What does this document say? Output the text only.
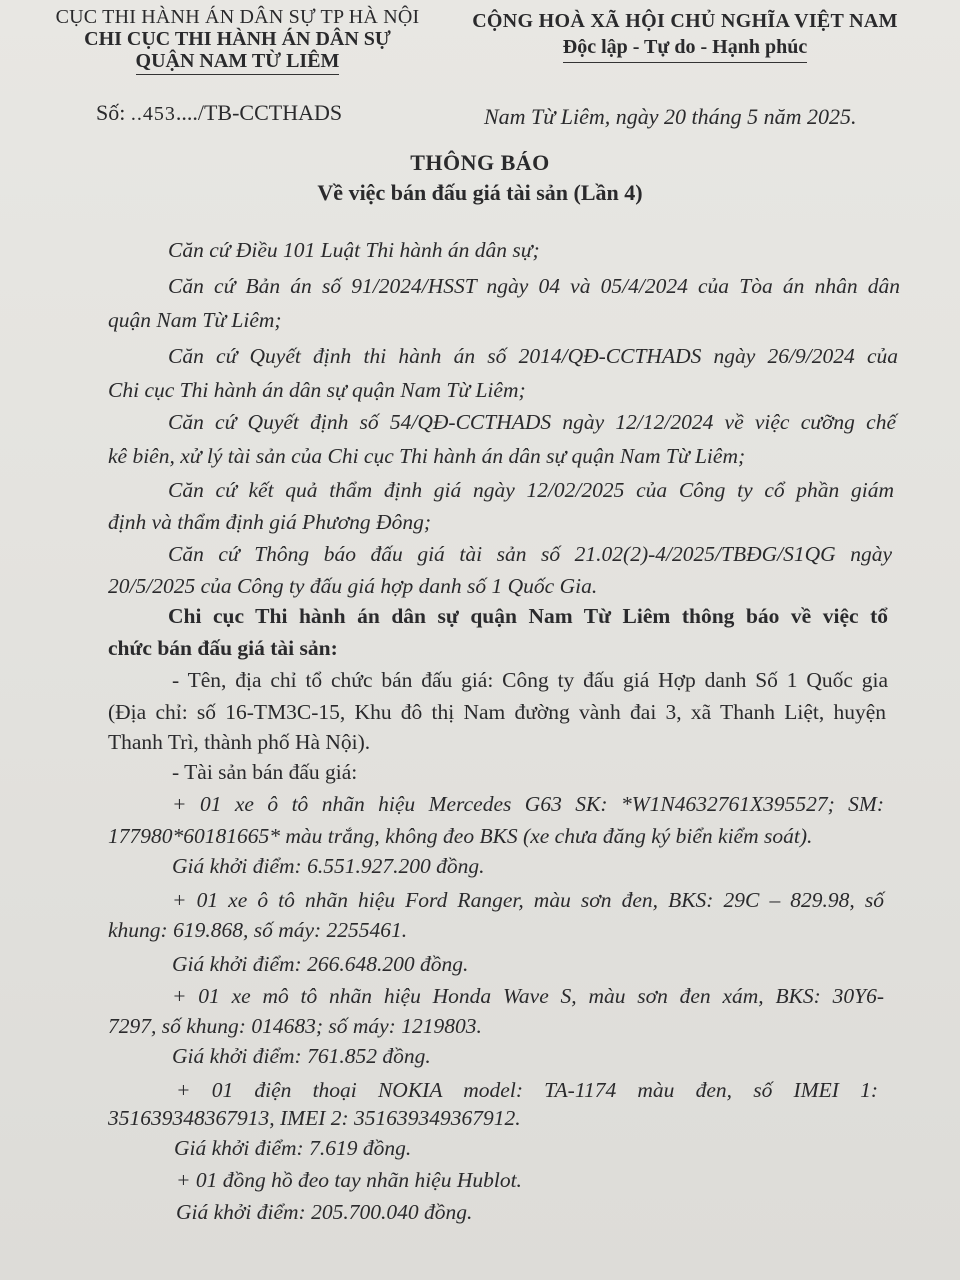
CỤC THI HÀNH ÁN DÂN SỰ TP HÀ NỘI
CHI CỤC THI HÀNH ÁN DÂN SỰ
QUẬN NAM TỪ LIÊM
CỘNG HOÀ XÃ HỘI CHỦ NGHĨA VIỆT NAM
Độc lập - Tự do - Hạnh phúc
Số: ..453..../TB-CCTHADS	Nam Từ Liêm, ngày 20 tháng 5 năm 2025.
THÔNG BÁO
Về việc bán đấu giá tài sản (Lần 4)
Căn cứ Điều 101 Luật Thi hành án dân sự;
Căn cứ Bản án số 91/2024/HSST ngày 04 và 05/4/2024 của Tòa án nhân dân
quận Nam Từ Liêm;
Căn cứ Quyết định thi hành án số 2014/QĐ-CCTHADS ngày 26/9/2024 của
Chi cục Thi hành án dân sự quận Nam Từ Liêm;
Căn cứ Quyết định số 54/QĐ-CCTHADS ngày 12/12/2024 về việc cưỡng chế
kê biên, xử lý tài sản của Chi cục Thi hành án dân sự quận Nam Từ Liêm;
Căn cứ kết quả thẩm định giá ngày 12/02/2025 của Công ty cổ phần giám
định và thẩm định giá Phương Đông;
Căn cứ Thông báo đấu giá tài sản số 21.02(2)-4/2025/TBĐG/S1QG ngày
20/5/2025 của Công ty đấu giá hợp danh số 1 Quốc Gia.
Chi cục Thi hành án dân sự quận Nam Từ Liêm thông báo về việc tổ
chức bán đấu giá tài sản:
- Tên, địa chỉ tổ chức bán đấu giá: Công ty đấu giá Hợp danh Số 1 Quốc gia
(Địa chỉ: số 16-TM3C-15, Khu đô thị Nam đường vành đai 3, xã Thanh Liệt, huyện
Thanh Trì, thành phố Hà Nội).
- Tài sản bán đấu giá:
+ 01 xe ô tô nhãn hiệu Mercedes G63 SK: *W1N4632761X395527; SM:
177980*60181665* màu trắng, không đeo BKS (xe chưa đăng ký biển kiểm soát).
Giá khởi điểm: 6.551.927.200 đồng.
+ 01 xe ô tô nhãn hiệu Ford Ranger, màu sơn đen, BKS: 29C – 829.98, số
khung: 619.868, số máy: 2255461.
Giá khởi điểm: 266.648.200 đồng.
+ 01 xe mô tô nhãn hiệu Honda Wave S, màu sơn đen xám, BKS: 30Y6-
7297, số khung: 014683; số máy: 1219803.
Giá khởi điểm: 761.852 đồng.
+ 01 điện thoại NOKIA model: TA-1174 màu đen, số IMEI 1:
351639348367913, IMEI 2: 351639349367912.
Giá khởi điểm: 7.619 đồng.
+ 01 đồng hồ đeo tay nhãn hiệu Hublot.
Giá khởi điểm: 205.700.040 đồng.
